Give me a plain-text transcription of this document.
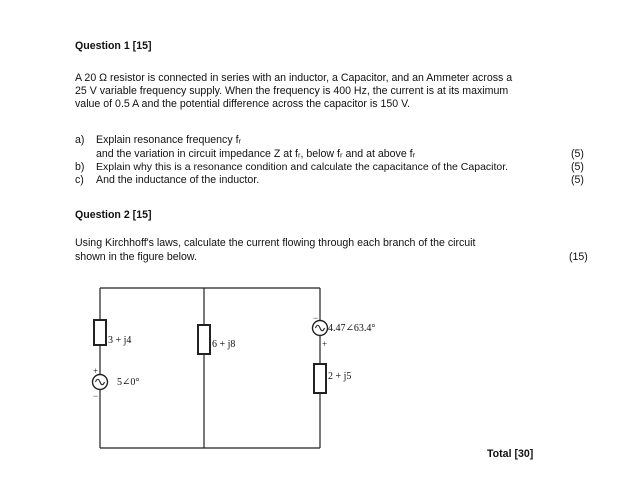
Question 1 [15]
A 20 Ω resistor is connected in series with an inductor, a Capacitor, and an Ammeter across a
25 V variable frequency supply. When the frequency is 400 Hz, the current is at its maximum
value of 0.5 A and the potential difference across the capacitor is 150 V.
a) Explain resonance frequency fᵣ
and the variation in circuit impedance Z at fᵣ, below fᵣ and at above fᵣ	(5)
b) Explain why this is a resonance condition and calculate the capacitance of the Capacitor.	(5)
c) And the inductance of the inductor.	(5)
Question 2 [15]
Using Kirchhoff's laws, calculate the current flowing through each branch of the circuit
shown in the figure below.	(15)
3 + j4	6 + j8
2 + j5
5∠0°
4.47∠63.4°
+
−
+
−
Total [30]
